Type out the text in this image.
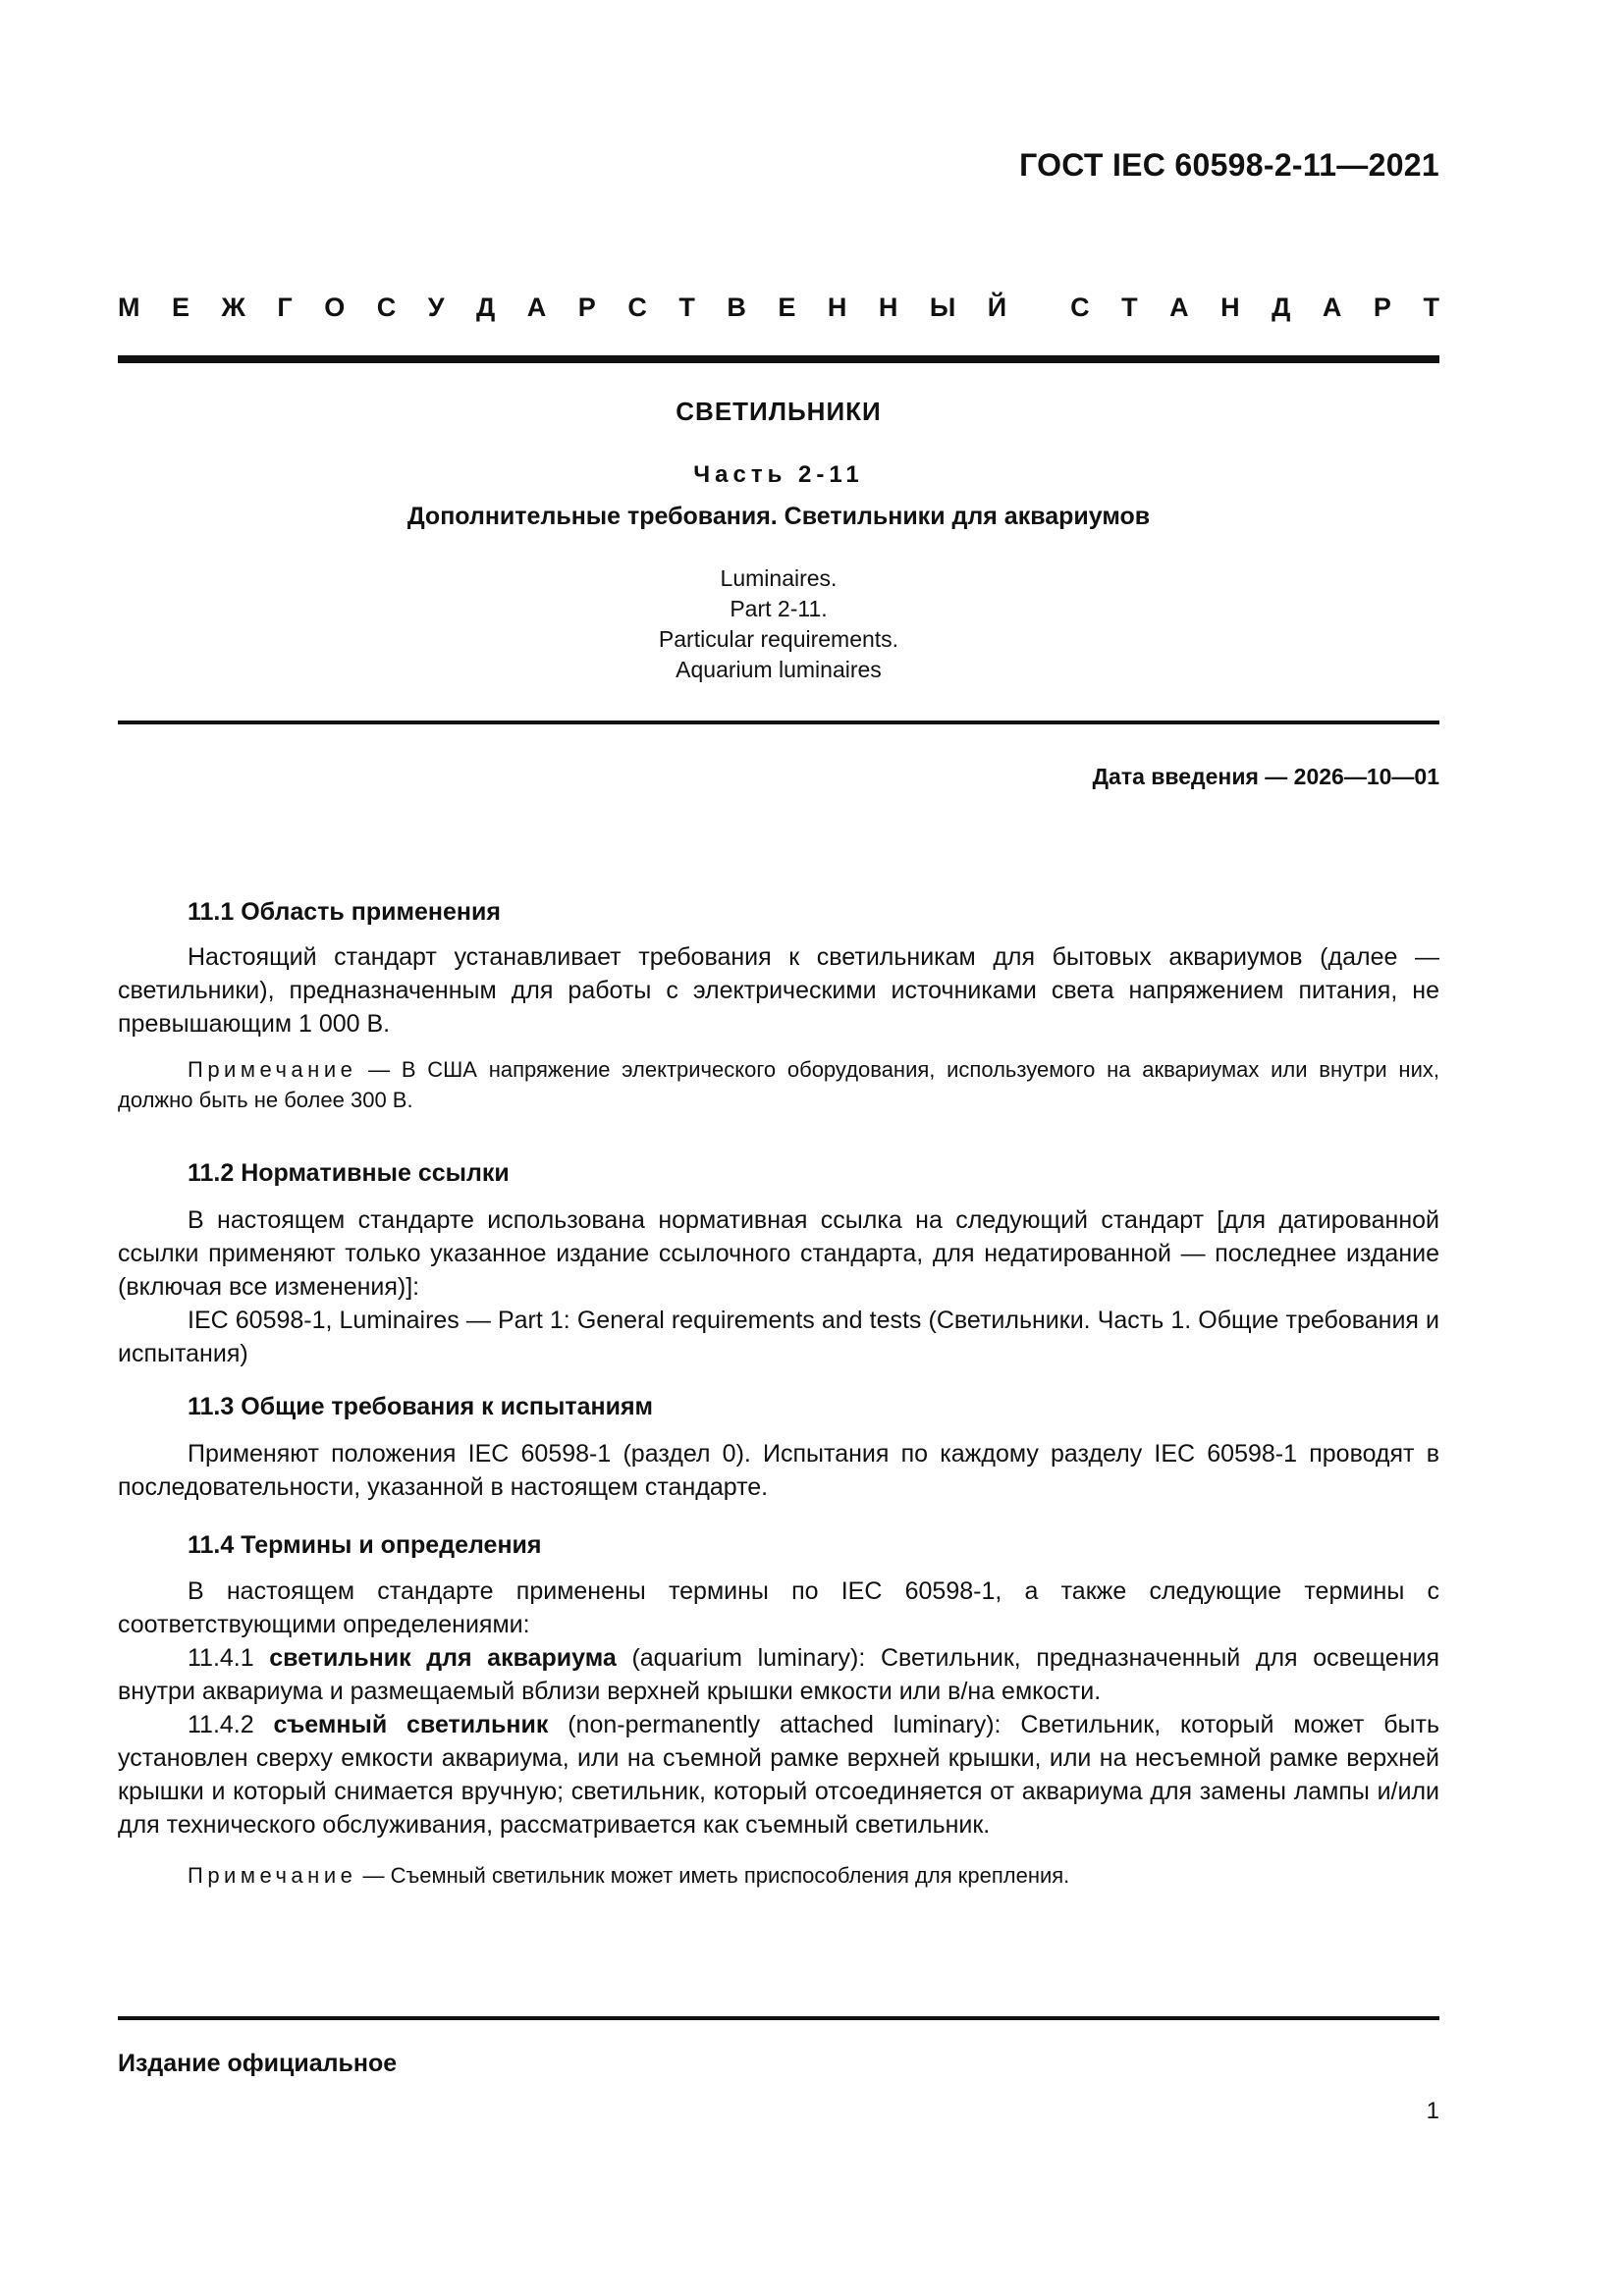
ГОСТ IEC 60598-2-11—2021
М Е Ж Г О С У Д А Р С Т В Е Н Н Ы Й С Т А Н Д А Р Т
СВЕТИЛЬНИКИ
Часть 2-11
Дополнительные требования. Светильники для аквариумов
Luminaires.
Part 2-11.
Particular requirements.
Aquarium luminaires
Дата введения — 2026—10—01
11.1 Область применения
Настоящий стандарт устанавливает требования к светильникам для бытовых аквариумов (далее — светильники), предназначенным для работы с электрическими источниками света напряжением питания, не превышающим 1 000 В.
Примечание — В США напряжение электрического оборудования, используемого на аквариумах или внутри них, должно быть не более 300 В.
11.2 Нормативные ссылки
В настоящем стандарте использована нормативная ссылка на следующий стандарт [для датированной ссылки применяют только указанное издание ссылочного стандарта, для недатированной — последнее издание (включая все изменения)]:
IEC 60598-1, Luminaires — Part 1: General requirements and tests (Светильники. Часть 1. Общие требования и испытания)
11.3 Общие требования к испытаниям
Применяют положения IEC 60598-1 (раздел 0). Испытания по каждому разделу IEC 60598-1 проводят в последовательности, указанной в настоящем стандарте.
11.4 Термины и определения
В настоящем стандарте применены термины по IEC 60598-1, а также следующие термины с соответствующими определениями:
11.4.1 светильник для аквариума (aquarium luminary): Светильник, предназначенный для освещения внутри аквариума и размещаемый вблизи верхней крышки емкости или в/на емкости.
11.4.2 съемный светильник (non-permanently attached luminary): Светильник, который может быть установлен сверху емкости аквариума, или на съемной рамке верхней крышки, или на несъемной рамке верхней крышки и который снимается вручную; светильник, который отсоединяется от аквариума для замены лампы и/или для технического обслуживания, рассматривается как съемный светильник.
Примечание — Съемный светильник может иметь приспособления для крепления.
Издание официальное
1
